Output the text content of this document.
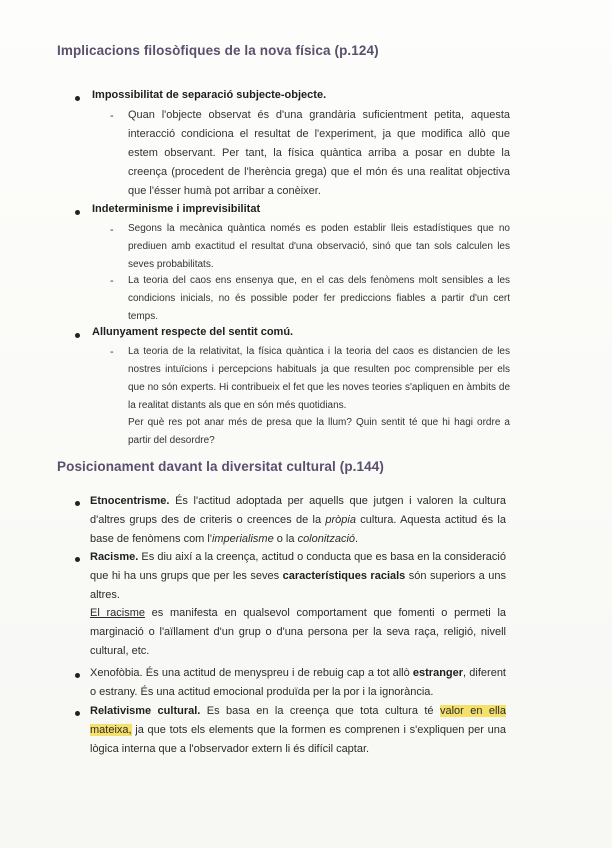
Implicacions filosòfiques de la nova física (p.124)
Impossibilitat de separació subjecte-objecte.
- Quan l'objecte observat és d'una grandària suficientment petita, aquesta interacció condiciona el resultat de l'experiment, ja que modifica allò que estem observant. Per tant, la física quàntica arriba a posar en dubte la creença (procedent de l'herència grega) que el món és una realitat objectiva que l'ésser humà pot arribar a conèixer.
Indeterminisme i imprevisibilitat
- Segons la mecànica quàntica només es poden establir lleis estadístiques que no prediuen amb exactitud el resultat d'una observació, sinó que tan sols calculen les seves probabilitats.
- La teoria del caos ens ensenya que, en el cas dels fenòmens molt sensibles a les condicions inicials, no és possible poder fer prediccions fiables a partir d'un cert temps.
Allunyament respecte del sentit comú.
- La teoria de la relativitat, la física quàntica i la teoria del caos es distancien de les nostres intuïcions i percepcions habituals ja que resulten poc comprensible per els que no són experts. Hi contribueix el fet que les noves teories s'apliquen en àmbits de la realitat distants als que en són més quotidians.
Per què res pot anar més de presa que la llum? Quin sentit té que hi hagi ordre a partir del desordre?
Posicionament davant la diversitat cultural (p.144)
Etnocentrisme. És l'actitud adoptada per aquells que jutgen i valoren la cultura d'altres grups des de criteris o creences de la pròpia cultura. Aquesta actitud és la base de fenòmens com l'imperialisme o la colonització.
Racisme. Es diu així a la creença, actitud o conducta que es basa en la consideració que hi ha uns grups que per les seves característiques racials són superiors a uns altres.
El racisme es manifesta en qualsevol comportament que fomenti o permeti la marginació o l'aïllament d'un grup o d'una persona per la seva raça, religió, nivell cultural, etc.
Xenofòbia. És una actitud de menyspreu i de rebuig cap a tot allò estranger, diferent o estrany. És una actitud emocional produïda per la por i la ignorància.
Relativisme cultural. Es basa en la creença que tota cultura té valor en ella mateixa, ja que tots els elements que la formen es comprenen i s'expliquen per una lògica interna que a l'observador extern li és difícil captar.
